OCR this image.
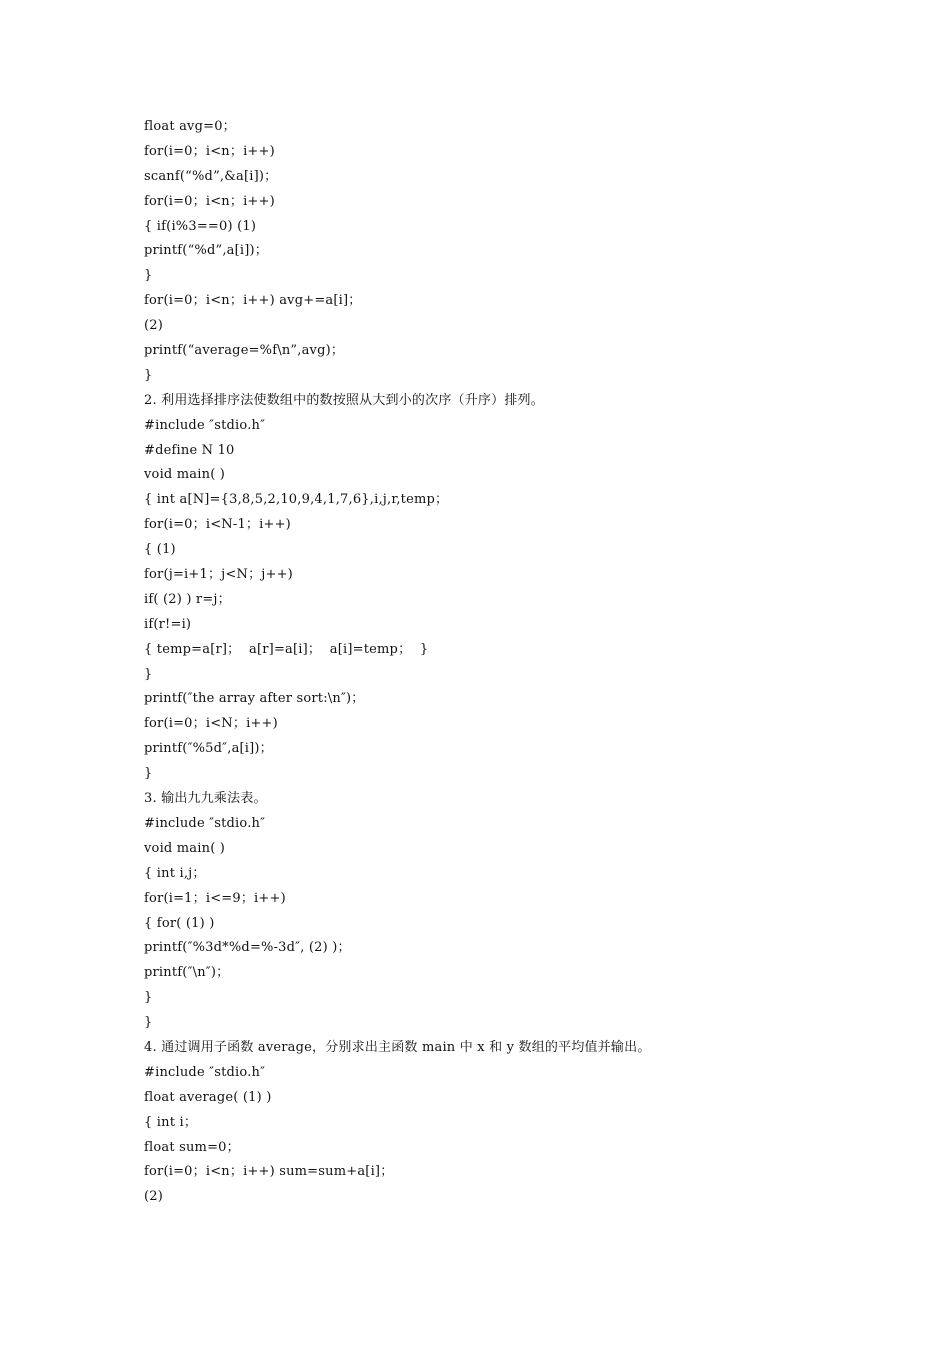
float avg=0；
for(i=0；i<n；i++)
scanf(“%d”,&a[i])；
for(i=0；i<n；i++)
{ if(i%3==0) (1)
printf(“%d”,a[i])；
}
for(i=0；i<n；i++) avg+=a[i]；
(2)
printf(“average=%f\n”,avg)；
}
2. 利用选择排序法使数组中的数按照从大到小的次序（升序）排列。
#include ″stdio.h″
#define N 10
void main( )
{ int a[N]={3,8,5,2,10,9,4,1,7,6},i,j,r,temp；
for(i=0；i<N-1；i++)
{ (1)
for(j=i+1；j<N；j++)
if( (2) ) r=j；
if(r!=i)
{ temp=a[r]；  a[r]=a[i]；  a[i]=temp；  }
}
printf(″the array after sort:\n″)；
for(i=0；i<N；i++)
printf(″%5d″,a[i])；
}
3. 输出九九乘法表。
#include ″stdio.h″
void main( )
{ int i,j；
for(i=1；i<=9；i++)
{ for( (1) )
printf(″%3d*%d=%-3d″, (2) )；
printf(″\n″)；
}
}
4. 通过调用子函数 average，分别求出主函数 main 中 x 和 y 数组的平均值并输出。
#include ″stdio.h″
float average( (1) )
{ int i；
float sum=0；
for(i=0；i<n；i++) sum=sum+a[i]；
(2)
